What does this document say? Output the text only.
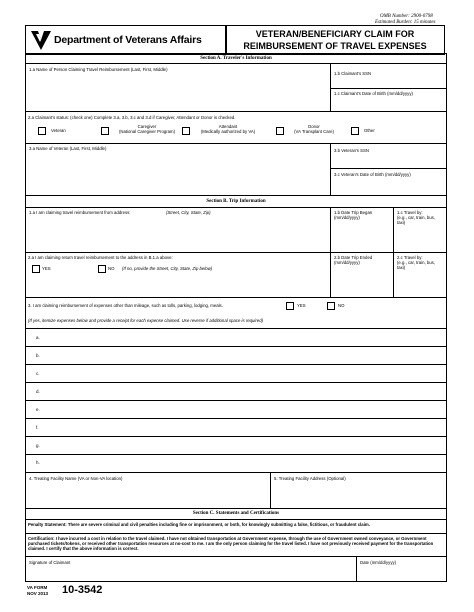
OMB Number: 2900-0798
Estimated Burden: 15 minutes
Department of Veterans Affairs	VETERAN/BENEFICIARY CLAIM FOR
REIMBURSEMENT OF TRAVEL EXPENSES
Section A. Traveler's Information
1.a Name of Person Claiming Travel Reimbursement (Last, First, Middle)
1.b Claimant's SSN
1.c Claimant's Date of Birth (mm/dd/yyyy)
2.a Claimant's status: (check one) Complete 3.a, 3.b, 3.c and 3.d if Caregiver, Attendant or Donor is checked.
Veteran
Caregiver
(National Caregiver Program)
Attendant
(Medically authorized by VA)
Donor
(VA Transplant Care)	Other
3.a Name of Veteran (Last, First, Middle)	3.b Veteran's SSN
3.c Veteran's Date of Birth (mm/dd/yyyy)
Section B. Trip Information
1.a I am claiming travel reimbursement from address:	(Street, City, State, Zip)	1.b Date Trip Began
(mm/dd/yyyy)
1.c Travel by:
(e.g., car, train, bus,
taxi)
2.a I am claiming return travel reimbursement to the address in B.1.a above:
YES	NO (If no, provide the Street, City, State, Zip below)
2.b Date Trip Ended
(mm/dd/yyyy)
2.c Travel by:
(e.g., car, train, bus,
taxi)
3. I am claiming reimbursement of expenses other than mileage, such as tolls, parking, lodging, meals.	YES	NO
(If yes, itemize expenses below and provide a receipt for each expense claimed. Use reverse if additional space is required)
a.
b.
c.
d.
e.
f.
g.
h.
4. Treating Facility Name (VA or Non-VA location)	5. Treating Facility Address (Optional)
Section C. Statements and Certifications
Penalty Statement: There are severe criminal and civil penalties including fine or imprisonment, or both, for knowingly submitting a false, fictitious, or fraudulent claim.
Certification: I have incurred a cost in relation to the travel claimed. I have not obtained transportation at Government expense, through the use of Government owned conveyance, or Government purchased tickets/tokens, or received other transportation resources at no-cost to me. I am the only person claiming for the travel listed. I have not previously received payment for the transportation claimed. I certify that the above information is correct.
Signature of Claimant	Date (mm/dd/yyyy)
VA FORM
NOV 2013 10-3542
